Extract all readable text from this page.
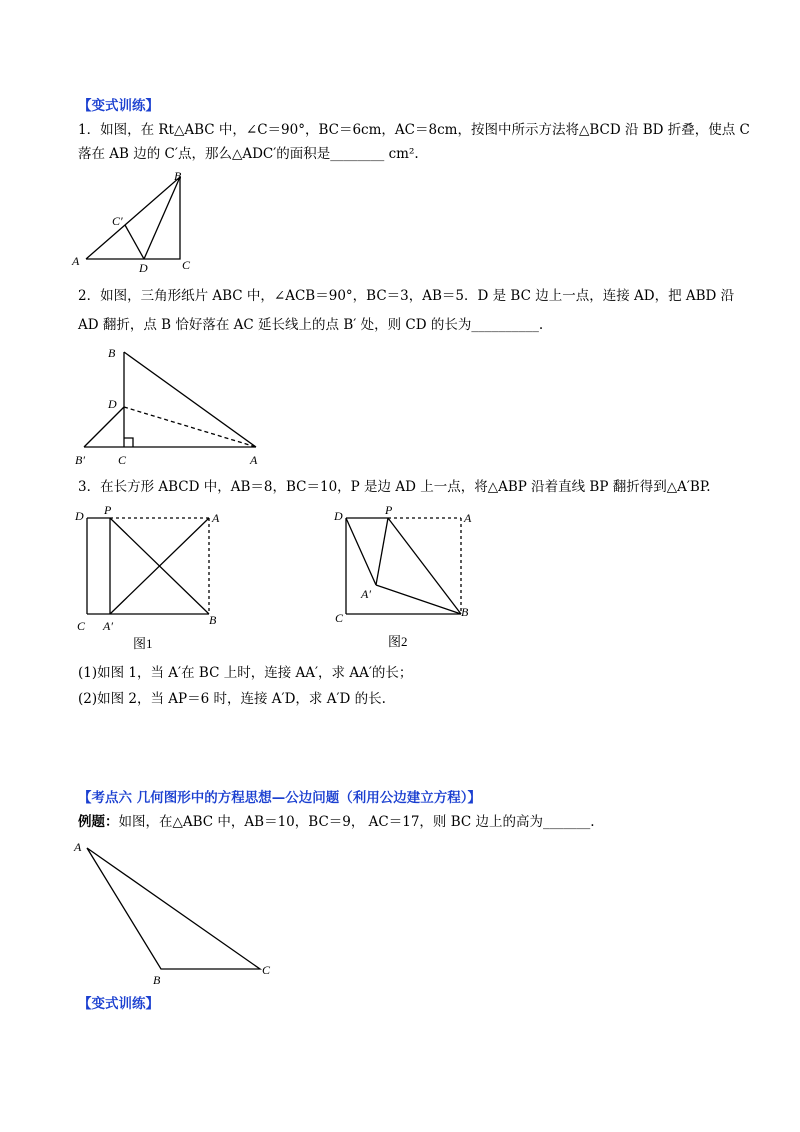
【变式训练】
1．如图，在 Rt△ABC 中，∠C＝90°，BC＝6cm，AC＝8cm，按图中所示方法将△BCD 沿 BD 折叠，使点 C
落在 AB 边的 C′点，那么△ADC′的面积是________ cm².
A
B
C
D
C′
2．如图，三角形纸片 ABC 中，∠ACB＝90°，BC＝3，AB＝5．D 是 BC 边上一点，连接 AD，把 ABD 沿
AD 翻折，点 B 恰好落在 AC 延长线上的点 B′ 处，则 CD 的长为__________.
B
D
B′	C	A
3．在长方形 ABCD 中，AB＝8，BC＝10，P 是边 AD 上一点，将△ABP 沿着直线 BP 翻折得到△A′BP.
D P
A
C A′	B
图1
D	P
A
C
A′
B
图2
(1)如图 1，当 A′在 BC 上时，连接 AA′，求 AA′的长；
(2)如图 2，当 AP＝6 时，连接 A′D，求 A′D 的长.
【考点六 几何图形中的方程思想—公边问题（利用公边建立方程）】
例题：如图，在△ABC 中，AB＝10，BC＝9， AC＝17，则 BC 边上的高为_______.
A
B
C
【变式训练】
